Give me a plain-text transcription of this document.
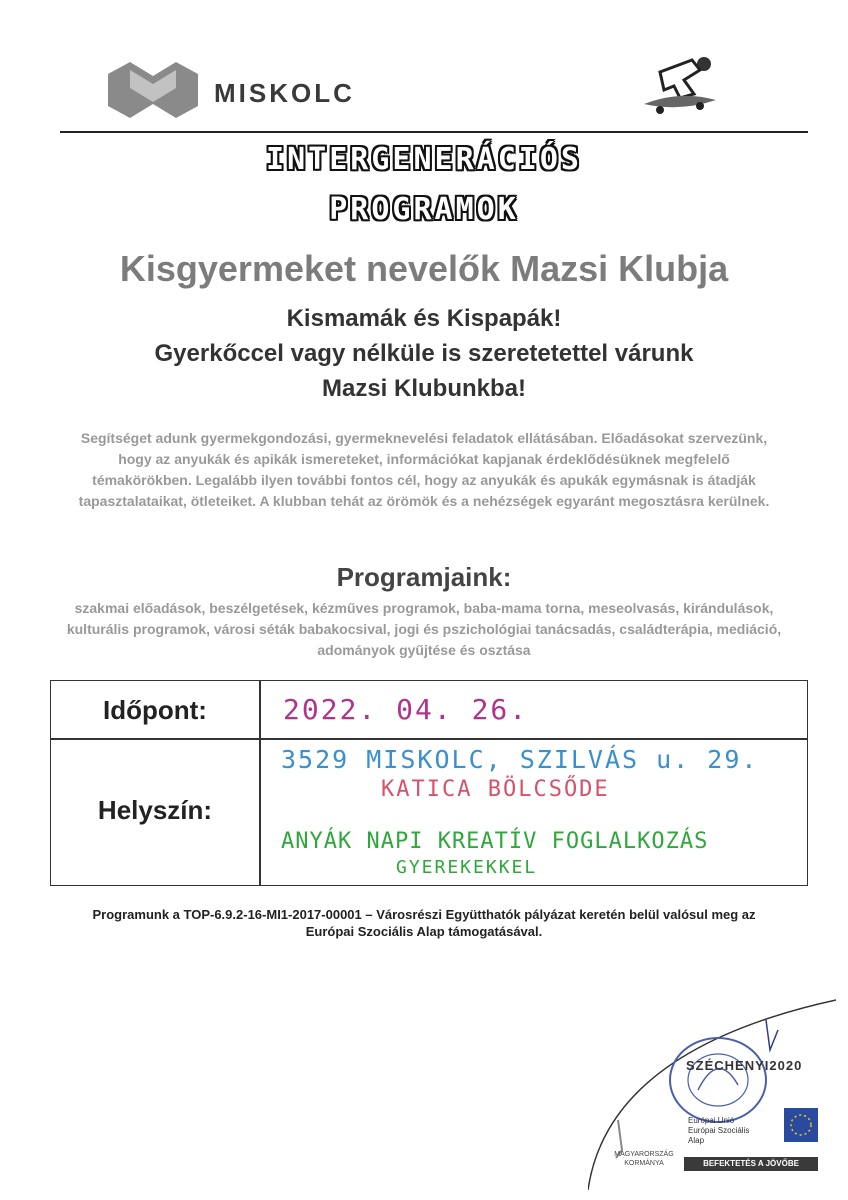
MISKOLC
INTERGENERÁCIÓS
PROGRAMOK
Kisgyermeket nevelők Mazsi Klubja
Kismamák és Kispapák!
Gyerkőccel vagy nélküle is szeretetettel várunk
Mazsi Klubunkba!
Segítséget adunk gyermekgondozási, gyermeknevelési feladatok ellátásában. Előadásokat szervezünk, hogy az anyukák és apikák ismereteket, információkat kapjanak érdeklődésüknek megfelelő témakörökben. Legalább ilyen további fontos cél, hogy az anyukák és apukák egymásnak is átadják tapasztalataikat, ötleteiket. A klubban tehát az örömök és a nehézségek egyaránt megosztásra kerülnek.
Programjaink:
szakmai előadások, beszélgetések, kézműves programok, baba-mama torna, meseolvasás, kirándulások, kulturális programok, városi séták babakocsival, jogi és pszichológiai tanácsadás, családterápia, mediáció, adományok gyűjtése és osztása
Időpont:
Helyszín:
2022. 04. 26.
3529 MISKOLC, SZILVÁS u. 29.
KATICA BÖLCSŐDE
ANYÁK NAPI KREATÍV FOGLALKOZÁS
GYEREKEKKEL
Programunk a TOP-6.9.2-16-MI1-2017-00001 – Városrészi Együtthatók pályázat keretén belül valósul meg az Európai Szociális Alap támogatásával.
SZÉCHENYI2020
Európai Unió
Európai Szociális
Alap
MAGYARORSZÁG
KORMÁNYA	BEFEKTETÉS A JÖVŐBE
